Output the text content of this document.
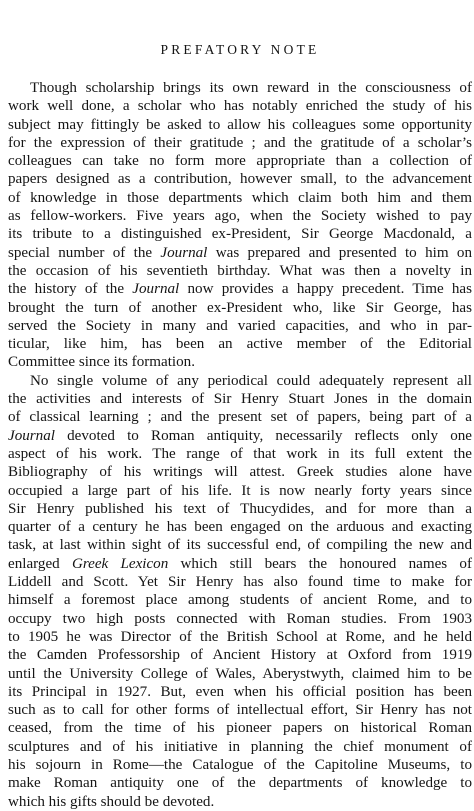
PREFATORY NOTE
Though scholarship brings its own reward in the consciousness of
work well done, a scholar who has notably enriched the study of his
subject may fittingly be asked to allow his colleagues some opportunity
for the expression of their gratitude ; and the gratitude of a scholar’s
colleagues can take no form more appropriate than a collection of
papers designed as a contribution, however small, to the advancement
of knowledge in those departments which claim both him and them
as fellow-workers. Five years ago, when the Society wished to pay
its tribute to a distinguished ex-President, Sir George Macdonald, a
special number of the Journal was prepared and presented to him on
the occasion of his seventieth birthday. What was then a novelty in
the history of the Journal now provides a happy precedent. Time has
brought the turn of another ex-President who, like Sir George, has
served the Society in many and varied capacities, and who in par-
ticular, like him, has been an active member of the Editorial
Committee since its formation.
No single volume of any periodical could adequately represent all
the activities and interests of Sir Henry Stuart Jones in the domain
of classical learning ; and the present set of papers, being part of a
Journal devoted to Roman antiquity, necessarily reflects only one
aspect of his work. The range of that work in its full extent the
Bibliography of his writings will attest. Greek studies alone have
occupied a large part of his life. It is now nearly forty years since
Sir Henry published his text of Thucydides, and for more than a
quarter of a century he has been engaged on the arduous and exacting
task, at last within sight of its successful end, of compiling the new and
enlarged Greek Lexicon which still bears the honoured names of
Liddell and Scott. Yet Sir Henry has also found time to make for
himself a foremost place among students of ancient Rome, and to
occupy two high posts connected with Roman studies. From 1903
to 1905 he was Director of the British School at Rome, and he held
the Camden Professorship of Ancient History at Oxford from 1919
until the University College of Wales, Aberystwyth, claimed him to be
its Principal in 1927. But, even when his official position has been
such as to call for other forms of intellectual effort, Sir Henry has not
ceased, from the time of his pioneer papers on historical Roman
sculptures and of his initiative in planning the chief monument of
his sojourn in Rome—the Catalogue of the Capitoline Museums, to
make Roman antiquity one of the departments of knowledge to
which his gifts should be devoted.
